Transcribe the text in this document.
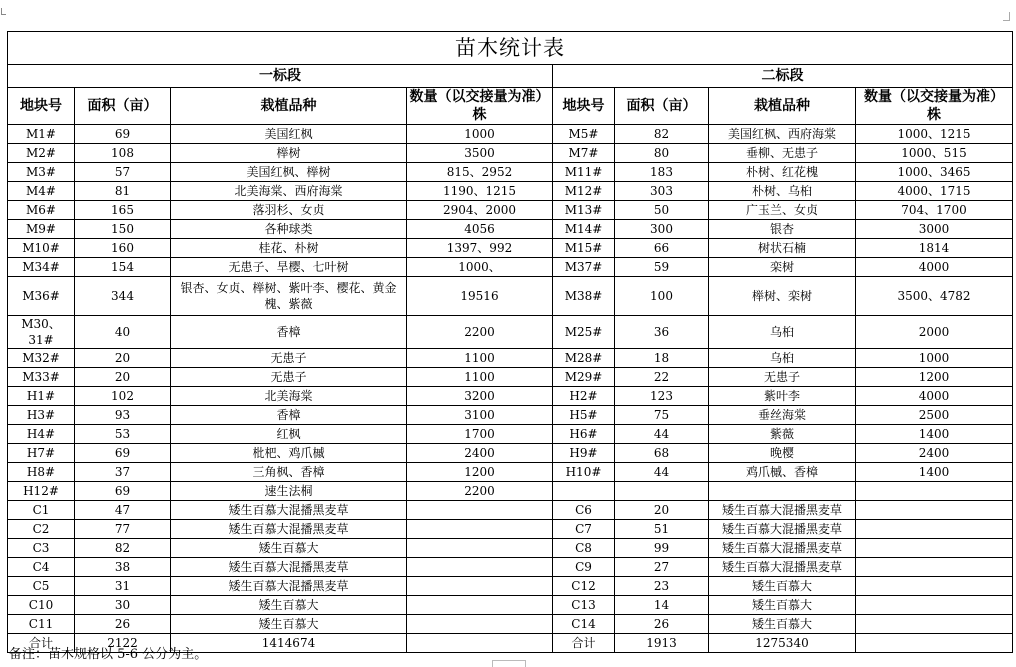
苗木统计表							
一标段				二标段			
地块号	面积（亩）	栽植品种	数量（以交接量为准）株	地块号	面积（亩）	栽植品种	数量（以交接量为准）株
M1#	69	美国红枫	1000	M5#	82	美国红枫、西府海棠	1000、1215
M2#	108	榉树	3500	M7#	80	垂柳、无患子	1000、515
M3#	57	美国红枫、榉树	815、2952	M11#	183	朴树、红花槐	1000、3465
M4#	81	北美海棠、西府海棠	1190、1215	M12#	303	朴树、乌桕	4000、1715
M6#	165	落羽杉、女贞	2904、2000	M13#	50	广玉兰、女贞	704、1700
M9#	150	各种球类	4056	M14#	300	银杏	3000
M10#	160	桂花、朴树	1397、992	M15#	66	树状石楠	1814
M34#	154	无患子、旱樱、七叶树	1000、	M37#	59	栾树	4000
M36#	344	银杏、女贞、榉树、紫叶李、樱花、黄金槐、紫薇	19516	M38#	100	榉树、栾树	3500、4782
M30、31#	40	香樟	2200	M25#	36	乌桕	2000
M32#	20	无患子	1100	M28#	18	乌桕	1000
M33#	20	无患子	1100	M29#	22	无患子	1200
H1#	102	北美海棠	3200	H2#	123	紫叶李	4000
H3#	93	香樟	3100	H5#	75	垂丝海棠	2500
H4#	53	红枫	1700	H6#	44	紫薇	1400
H7#	69	枇杷、鸡爪槭	2400	H9#	68	晚樱	2400
H8#	37	三角枫、香樟	1200	H10#	44	鸡爪槭、香樟	1400
H12#	69	速生法桐	2200				
C1	47	矮生百慕大混播黑麦草		C6	20	矮生百慕大混播黑麦草	
C2	77	矮生百慕大混播黑麦草		C7	51	矮生百慕大混播黑麦草	
C3	82	矮生百慕大		C8	99	矮生百慕大混播黑麦草	
C4	38	矮生百慕大混播黑麦草		C9	27	矮生百慕大混播黑麦草	
C5	31	矮生百慕大混播黑麦草		C12	23	矮生百慕大	
C10	30	矮生百慕大		C13	14	矮生百慕大	
C11	26	矮生百慕大		C14	26	矮生百慕大	
合计	2122	1414674		合计	1913	1275340	
备注：苗木规格以 5-6 公分为主。
